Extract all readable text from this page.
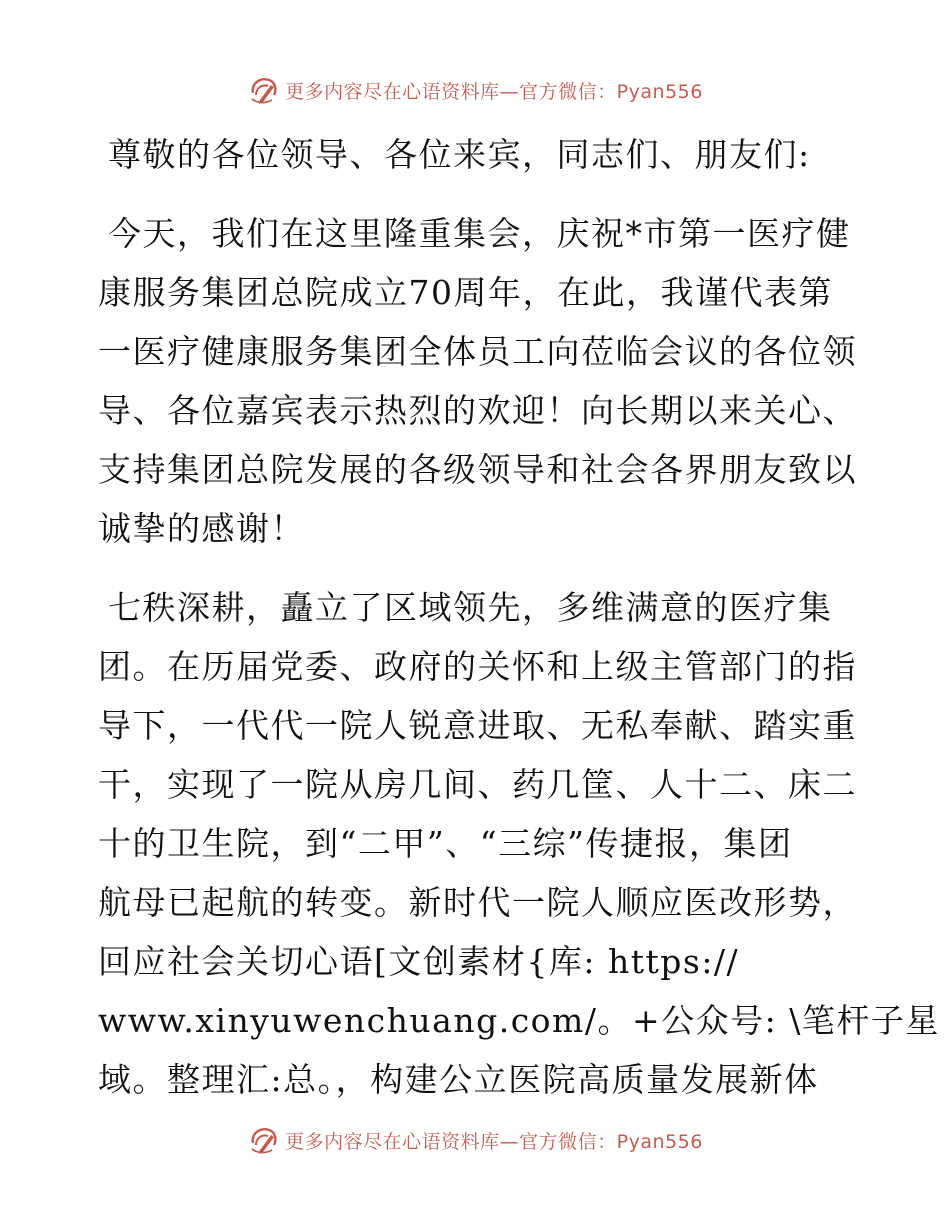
更多内容尽在心语资料库—官方微信：Pyan556
尊敬的各位领导、各位来宾，同志们、朋友们:
今天，我们在这里隆重集会，庆祝*市第一医疗健
康服务集团总院成立70周年，在此，我谨代表第
一医疗健康服务集团全体员工向莅临会议的各位领
导、各位嘉宾表示热烈的欢迎！向长期以来关心、
支持集团总院发展的各级领导和社会各界朋友致以
诚挚的感谢！
七秩深耕，矗立了区域领先，多维满意的医疗集
团。在历届党委、政府的关怀和上级主管部门的指
导下，一代代一院人锐意进取、无私奉献、踏实重
干，实现了一院从房几间、药几筐、人十二、床二
十的卫生院，到“二甲”、“三综”传捷报，集团
航母已起航的转变。新时代一院人顺应医改形势，
回应社会关切心语[文创素材{库: https://
www.xinyuwenchuang.com/。+公众号: \笔杆子星
域。整理汇:总。，构建公立医院高质量发展新体
更多内容尽在心语资料库—官方微信：Pyan556
